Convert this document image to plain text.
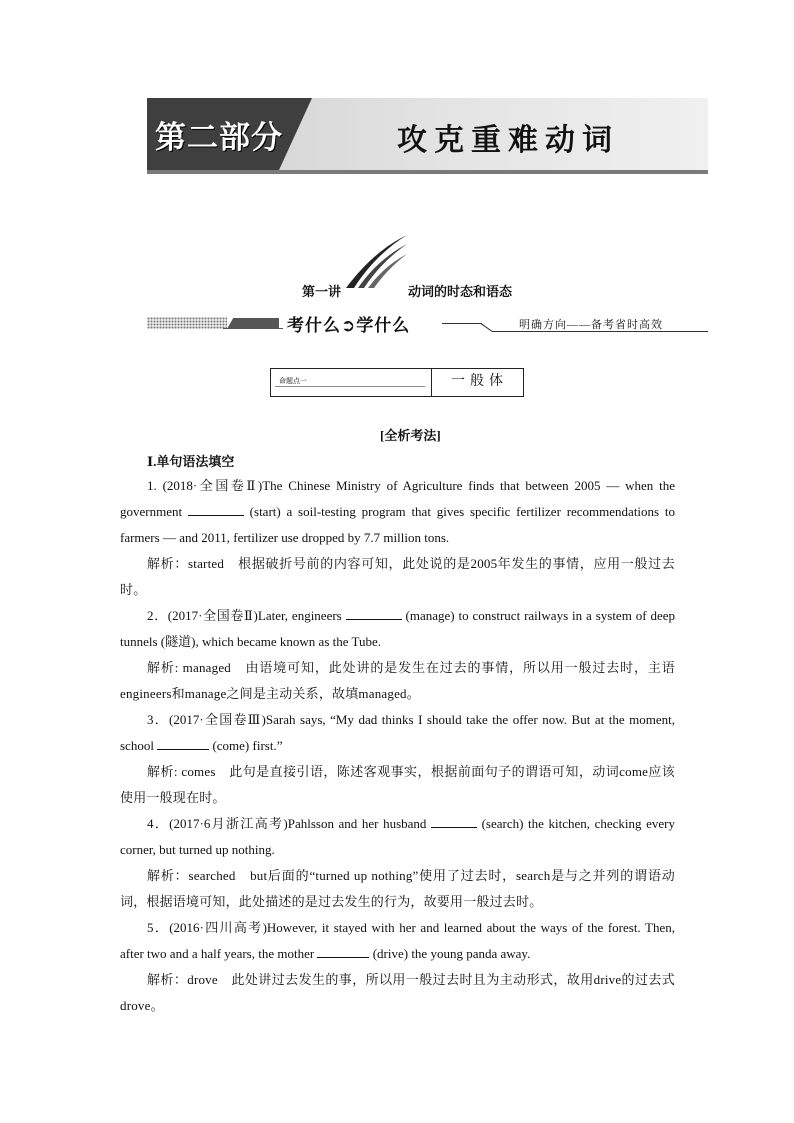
第二部分	攻克重难动词
第一讲	动词的时态和语态
考什么➲学什么	明确方向——备考省时高效
命题点一	一般体
[全析考法]
Ⅰ.单句语法填空

1. (2018·全国卷Ⅱ)The Chinese Ministry of Agriculture finds that between 2005 — when the government	(start) a soil-testing program that gives specific fertilizer recommendations to farmers — and 2011, fertilizer use dropped by 7.7 million tons.

解析：started　根据破折号前的内容可知，此处说的是2005年发生的事情，应用一般过去时。

2．(2017·全国卷Ⅱ)Later, engineers	(manage) to construct railways in a system of deep tunnels (隧道), which became known as the Tube.

解析: managed　由语境可知，此处讲的是发生在过去的事情，所以用一般过去时，主语engineers和manage之间是主动关系，故填managed。

3．(2017·全国卷Ⅲ)Sarah says, “My dad thinks I should take the offer now. But at the moment, school	(come) first.”

解析: comes　此句是直接引语，陈述客观事实，根据前面句子的谓语可知，动词come应该使用一般现在时。

4．(2017·6月浙江高考)Pahlsson and her husband	(search) the kitchen, checking every corner, but turned up nothing.

解析：searched　but后面的“turned up nothing”使用了过去时，search是与之并列的谓语动词，根据语境可知，此处描述的是过去发生的行为，故要用一般过去时。

5．(2016·四川高考)However, it stayed with her and learned about the ways of the forest. Then, after two and a half years, the mother	(drive) the young panda away.

解析：drove　此处讲过去发生的事，所以用一般过去时且为主动形式，故用drive的过去式drove。
